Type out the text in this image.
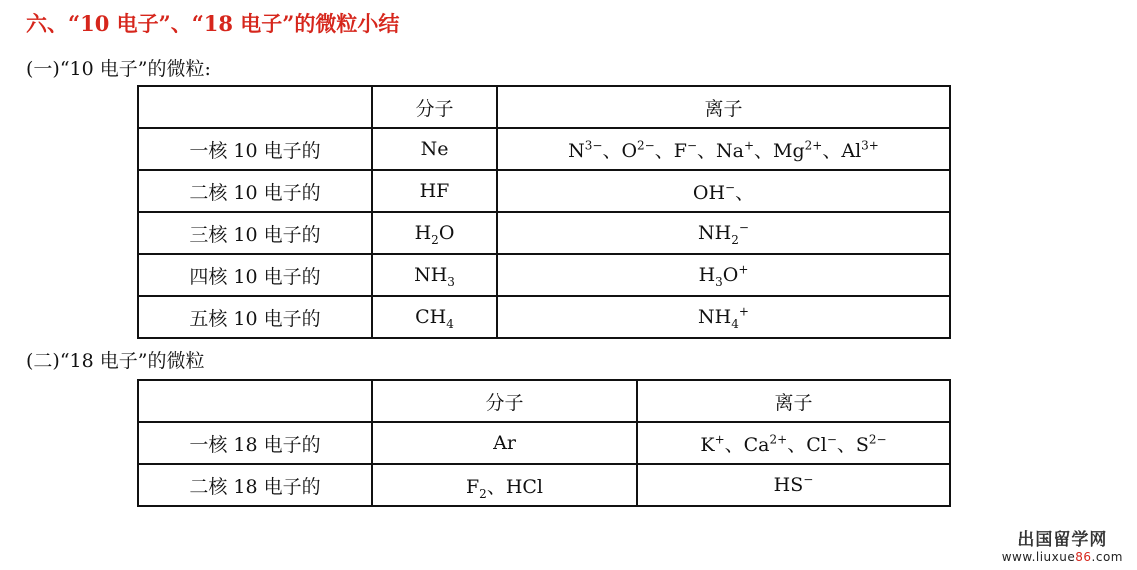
六、“10 电子”、“18 电子”的微粒小结
(一)“10 电子”的微粒:
	分子	离子
一核 10 电子的	Ne	$N^{3-}$、$O^{2-}$、F−、Na+、$Mg^{2+}$、$Al^{3+}$
二核 10 电子的	HF	OH−、
三核 10 电子的	$H_2O$	$NH_2^-$
四核 10 电子的	$NH_3$	$H_3O^+$
五核 10 电子的	$CH_4$	$NH_4^+$
(二)“18 电子”的微粒
	分子	离子
一核 18 电子的	Ar	K+、$Ca^{2+}$、Cl−、$S^{2-}$
二核 18 电子的	$F_2$、HCl	HS−
出国留学网
www.liuxue86.com
